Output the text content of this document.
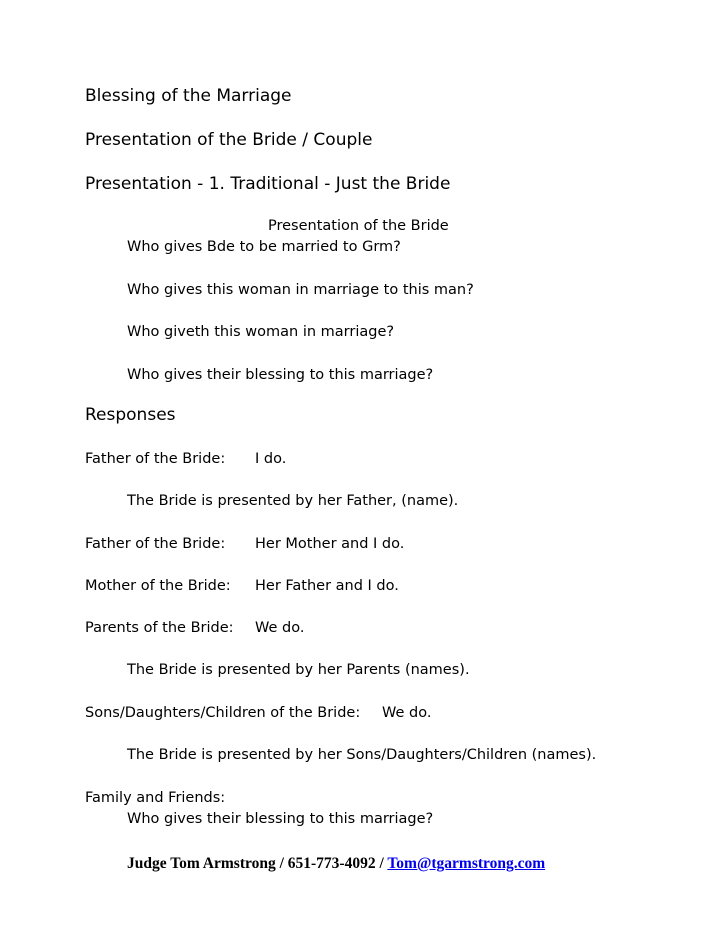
Blessing of the Marriage
Presentation of the Bride / Couple
Presentation - 1. Traditional - Just the Bride
Presentation of the Bride
Who gives Bde to be married to Grm?
Who gives this woman in marriage to this man?
Who giveth this woman in marriage?
Who gives their blessing to this marriage?
Responses
Father of the Bride: I do.
The Bride is presented by her Father, (name).
Father of the Bride: Her Mother and I do.
Mother of the Bride: Her Father and I do.
Parents of the Bride: We do.
The Bride is presented by her Parents (names).
Sons/Daughters/Children of the Bride: We do.
The Bride is presented by her Sons/Daughters/Children (names).
Family and Friends:
Who gives their blessing to this marriage?
Judge Tom Armstrong / 651-773-4092 / Tom@tgarmstrong.com
